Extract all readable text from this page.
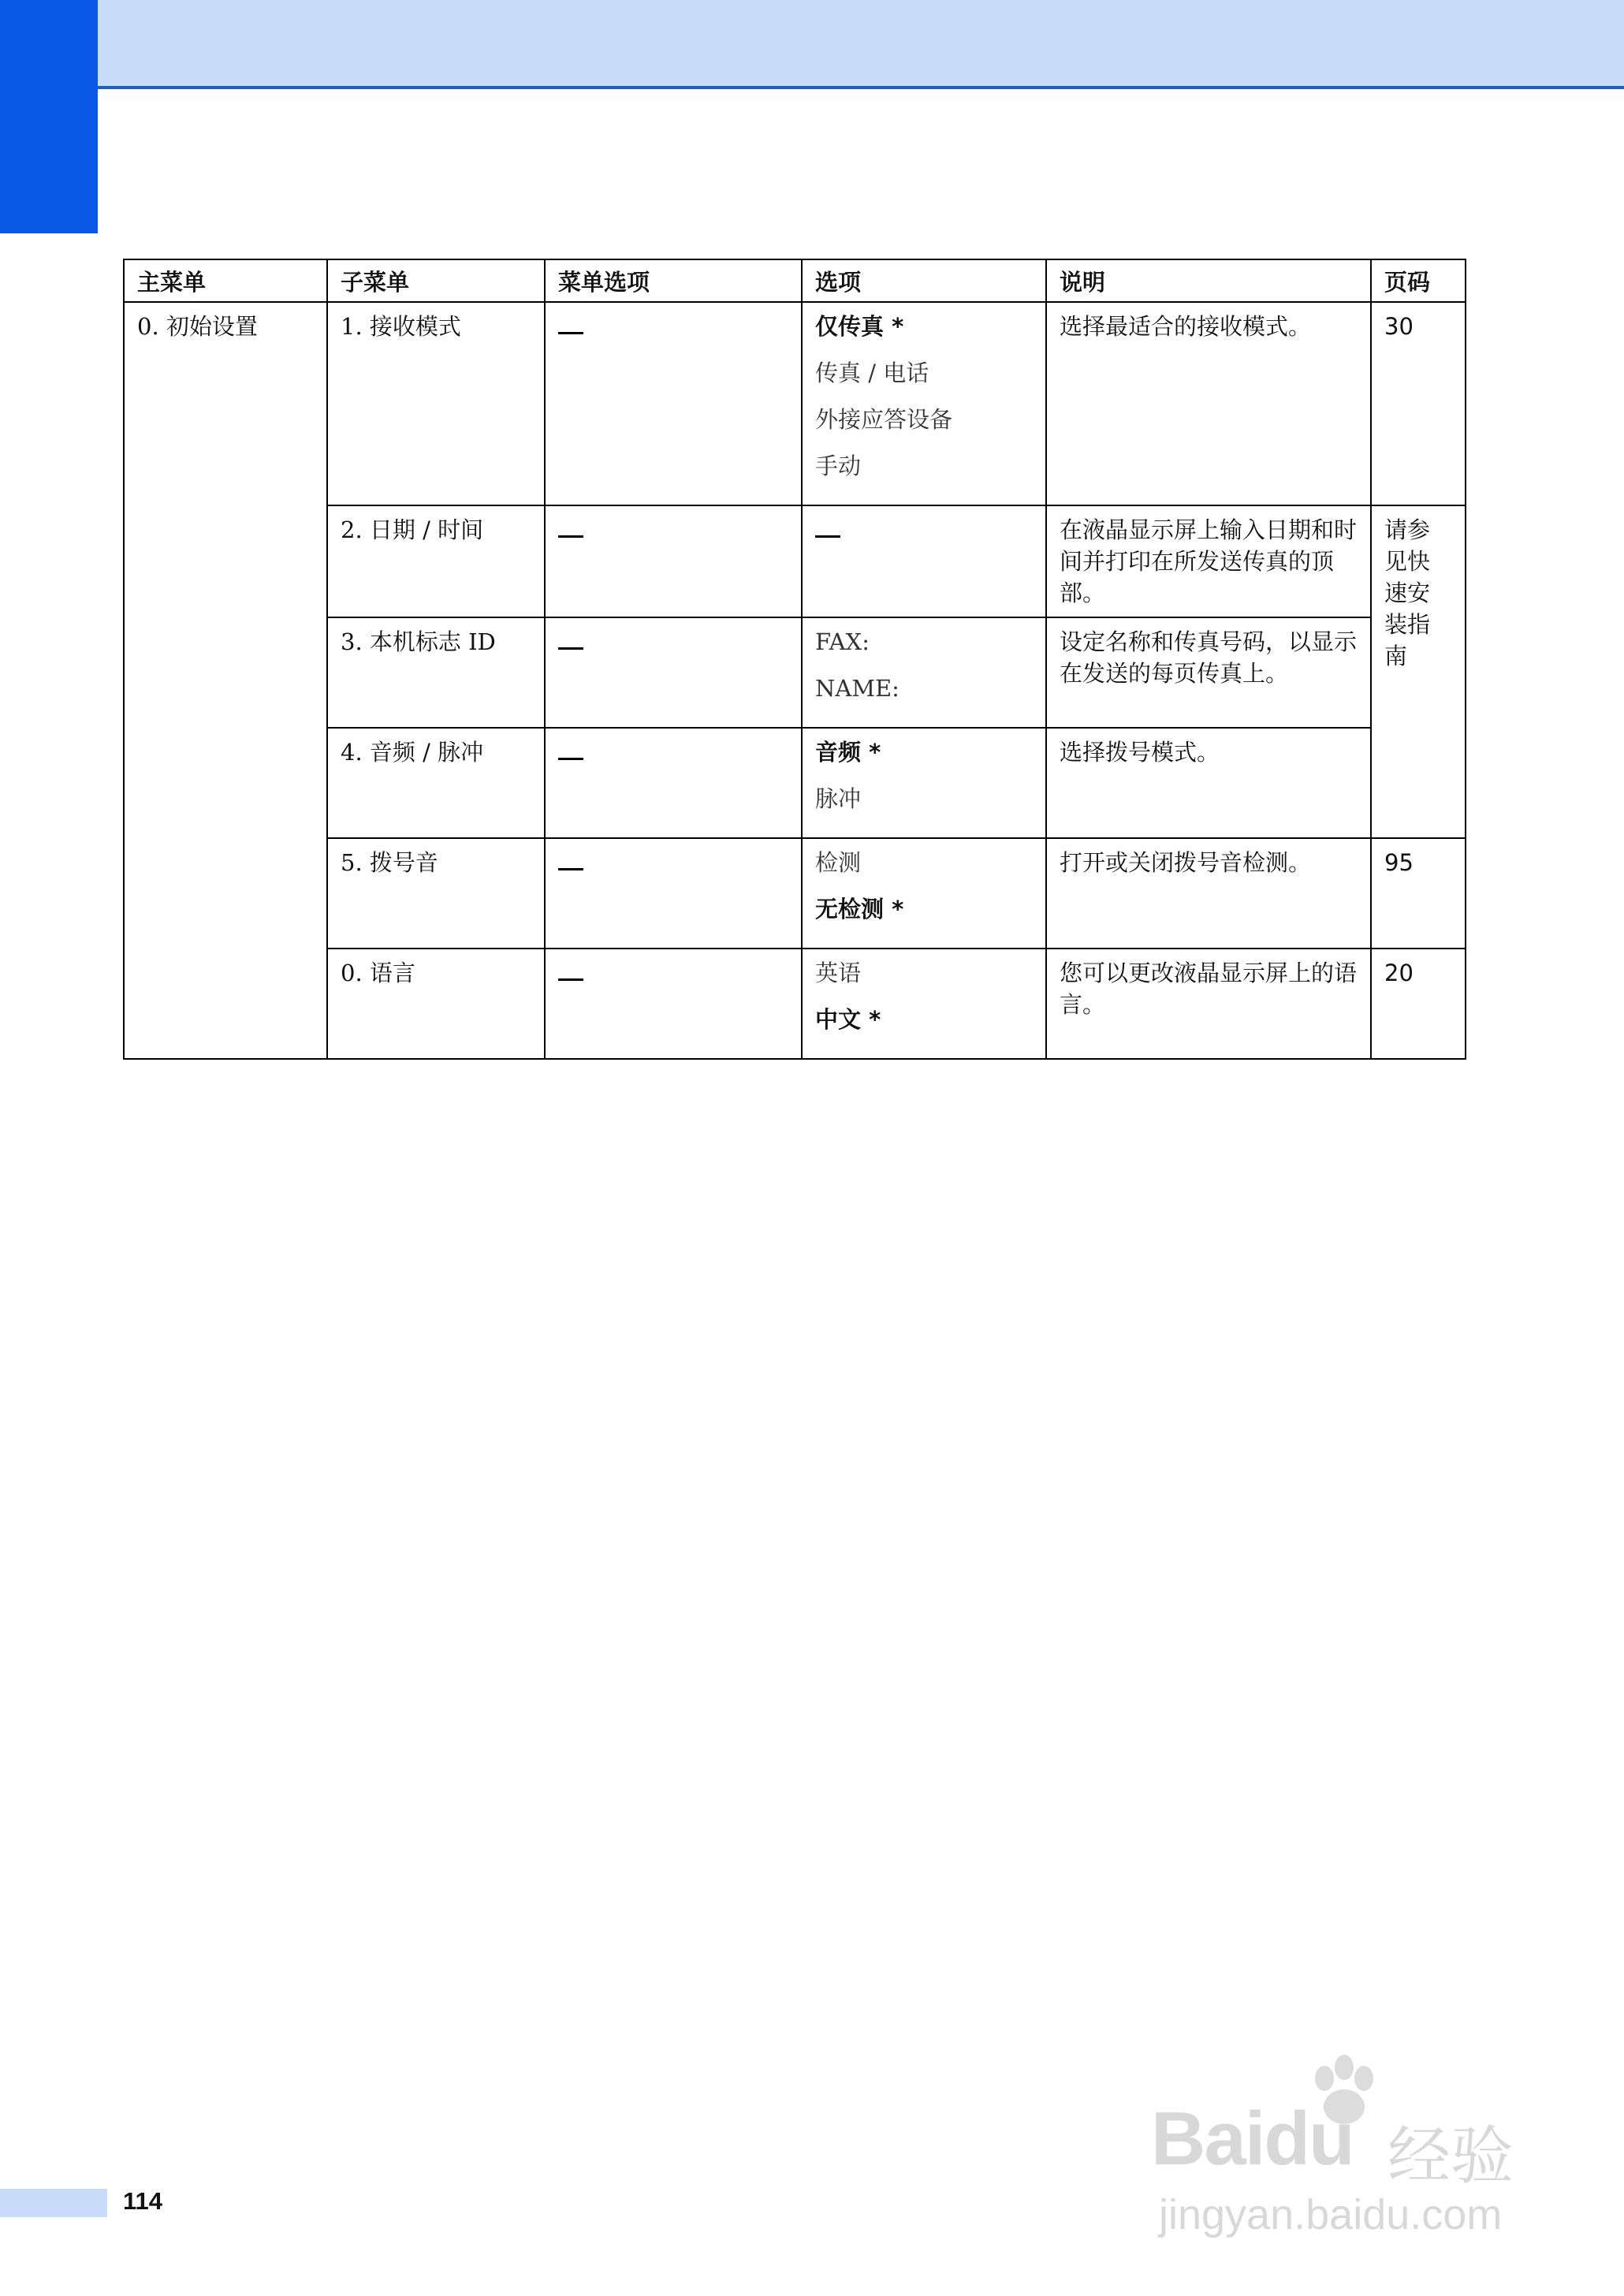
主菜单	子菜单	菜单选项	选项	说明	页码
0. 初始设置	1. 接收模式		仅传真 *
传真 / 电话
外接应答设备
手动	选择最适合的接收模式。	30
	2. 日期 / 时间			在液晶显示屏上输入日期和时间并打印在所发送传真的顶部。	请参见快速安装指南
	3. 本机标志 ID		FAX:
NAME:	设定名称和传真号码，以显示在发送的每页传真上。	
	4. 音频 / 脉冲		音频 *
脉冲	选择拨号模式。	
	5. 拨号音		检测
无检测 *	打开或关闭拨号音检测。	95
	0. 语言		英语
中文 *	您可以更改液晶显示屏上的语言。	20
114
Baidu 经验
jingyan.baidu.com
